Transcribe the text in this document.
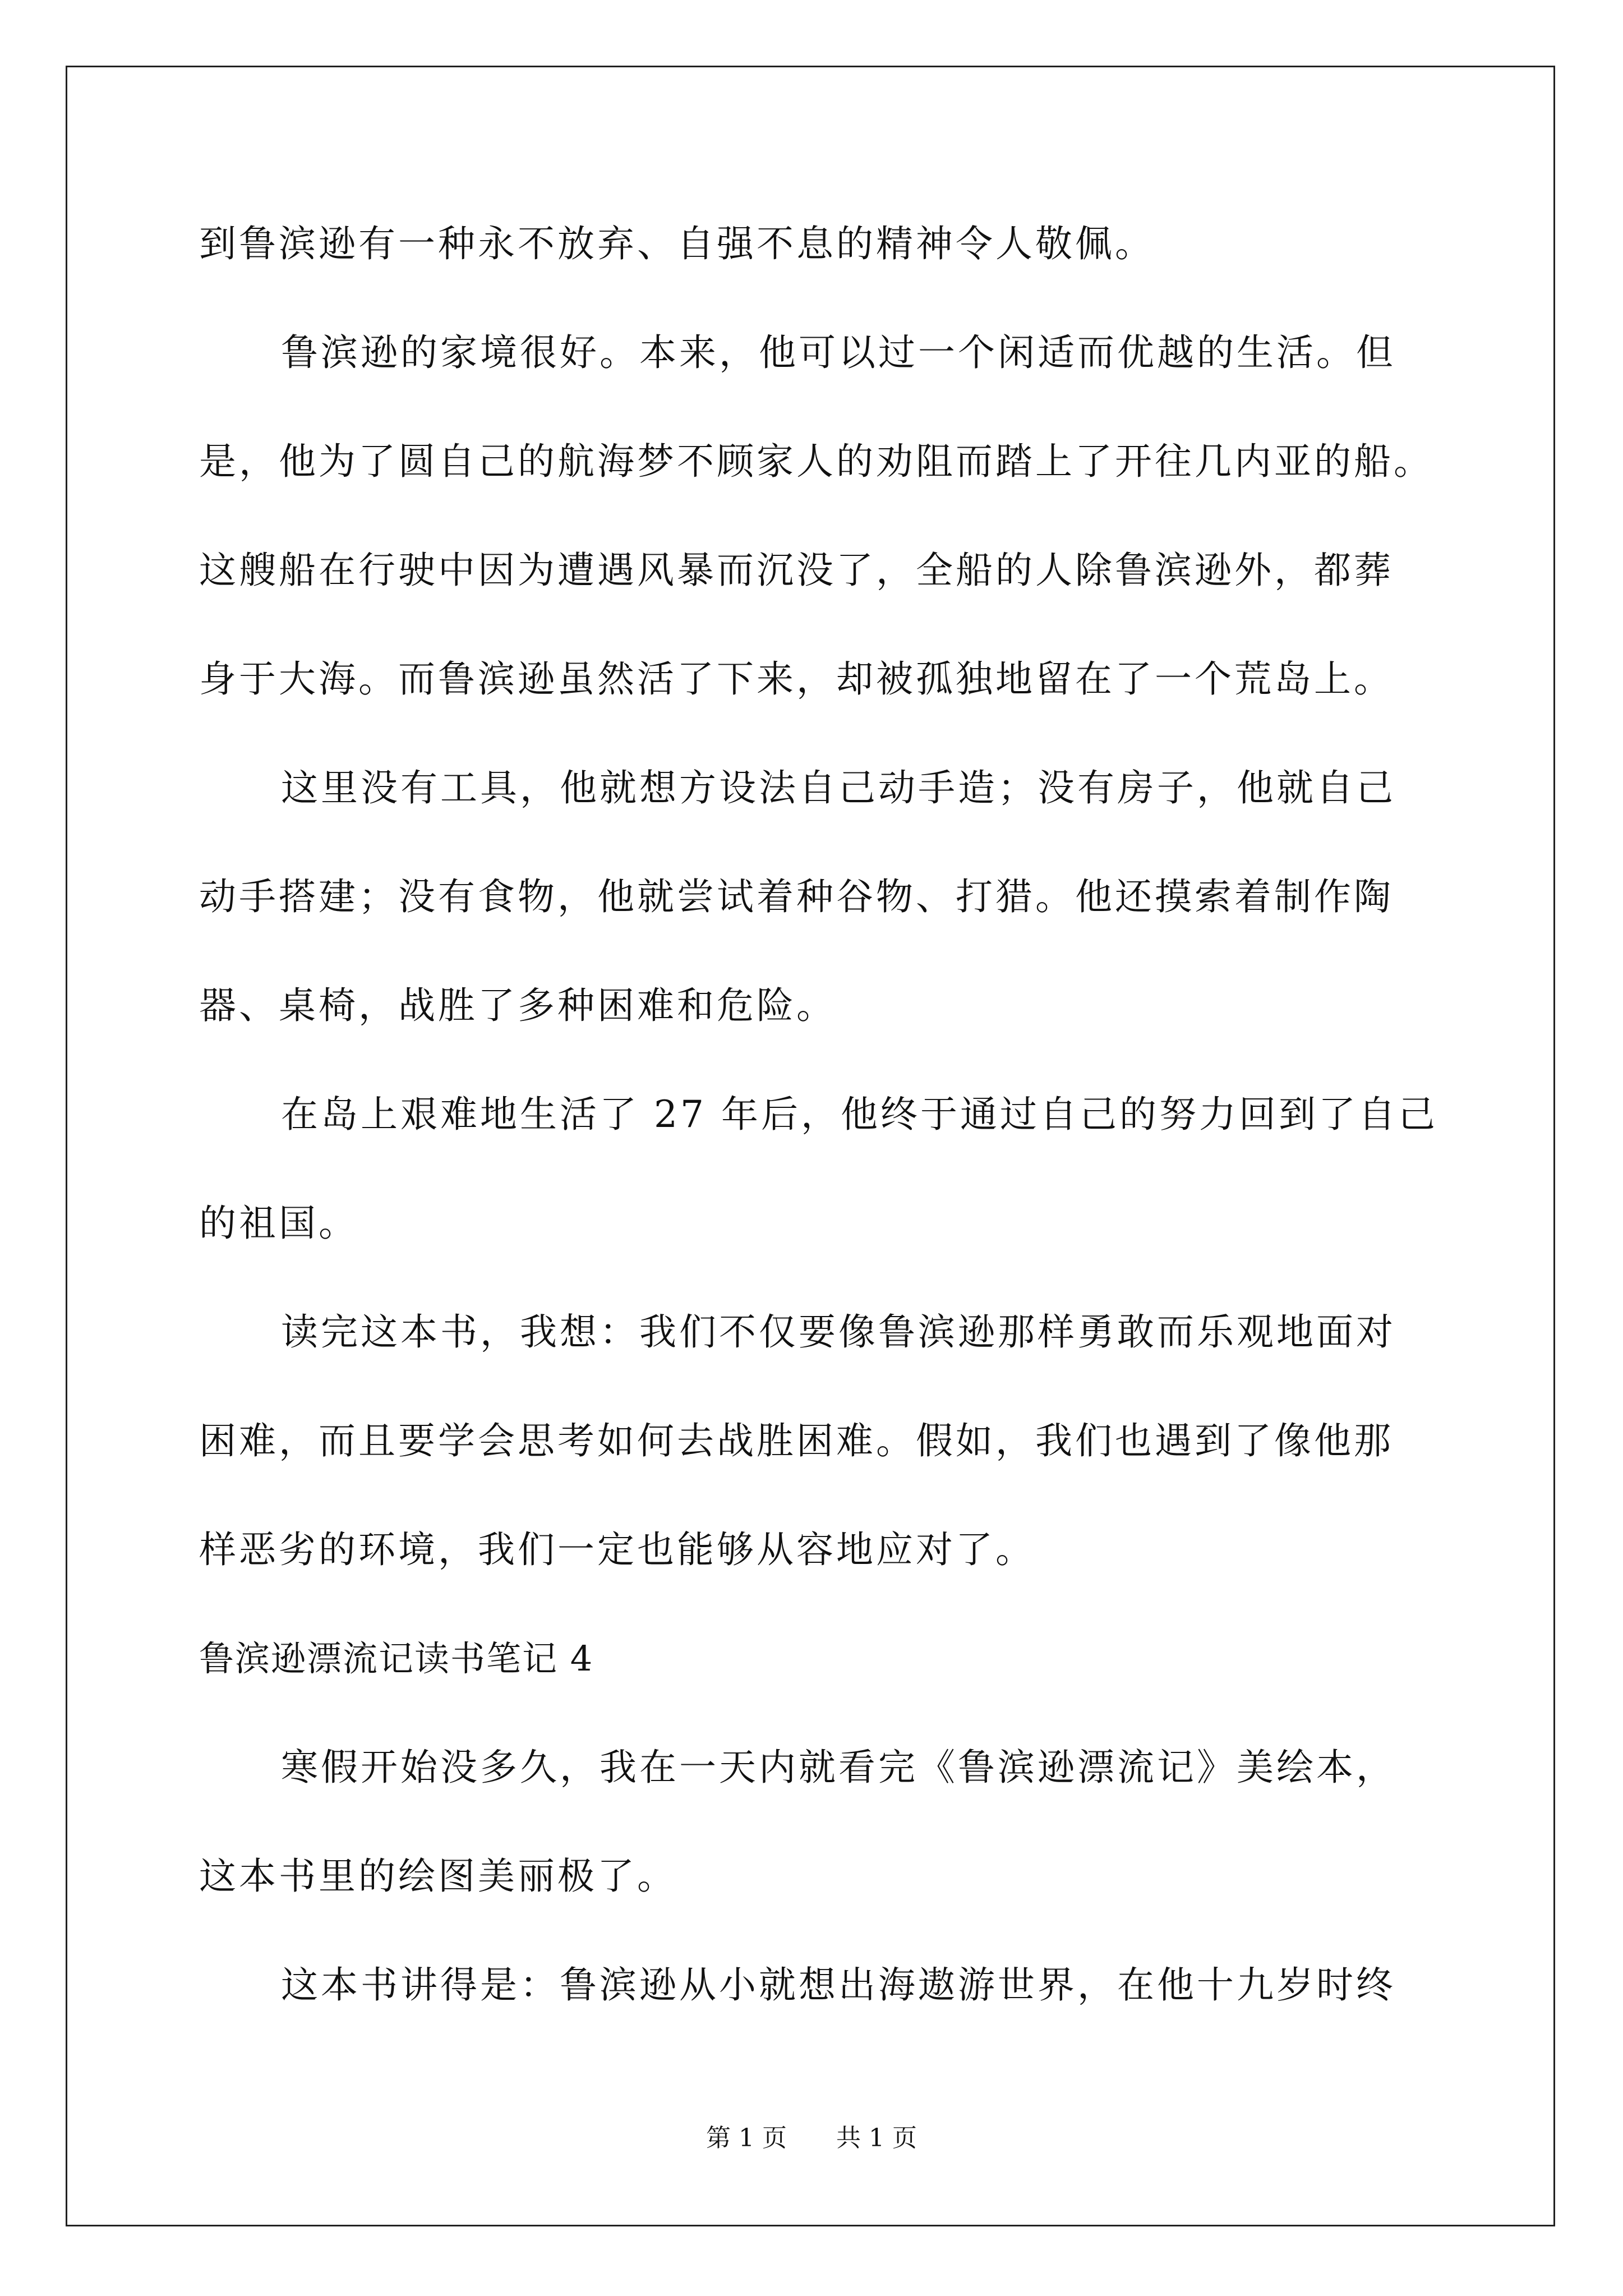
到鲁滨逊有一种永不放弃、自强不息的精神令人敬佩。
鲁滨逊的家境很好。本来，他可以过一个闲适而优越的生活。但
是，他为了圆自己的航海梦不顾家人的劝阻而踏上了开往几内亚的船。
这艘船在行驶中因为遭遇风暴而沉没了，全船的人除鲁滨逊外，都葬
身于大海。而鲁滨逊虽然活了下来，却被孤独地留在了一个荒岛上。
这里没有工具，他就想方设法自己动手造；没有房子，他就自己
动手搭建；没有食物，他就尝试着种谷物、打猎。他还摸索着制作陶
器、桌椅，战胜了多种困难和危险。
在岛上艰难地生活了 27 年后，他终于通过自己的努力回到了自己
的祖国。
读完这本书，我想：我们不仅要像鲁滨逊那样勇敢而乐观地面对
困难，而且要学会思考如何去战胜困难。假如，我们也遇到了像他那
样恶劣的环境，我们一定也能够从容地应对了。
鲁滨逊漂流记读书笔记 4
寒假开始没多久，我在一天内就看完《鲁滨逊漂流记》美绘本，
这本书里的绘图美丽极了。
这本书讲得是：鲁滨逊从小就想出海遨游世界，在他十九岁时终
第 1 页 共 1 页
